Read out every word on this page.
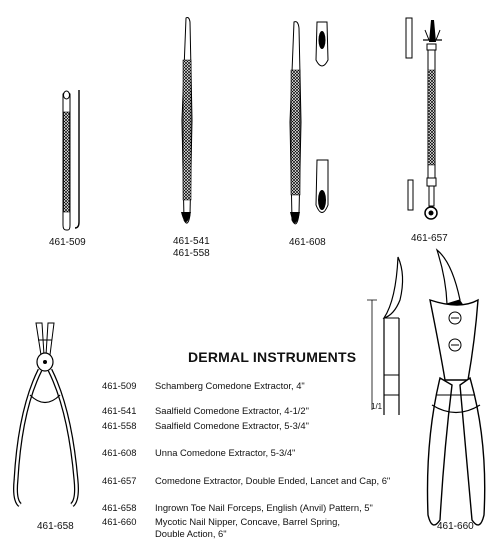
461-509	461-541
461-558
461-608	461-657
461-658	461-660
1/1
DERMAL INSTRUMENTS
461-509 Schamberg Comedone Extractor, 4"
461-541 Saalfield Comedone Extractor, 4-1/2"
461-558 Saalfield Comedone Extractor, 5-3/4"
461-608 Unna Comedone Extractor, 5-3/4"
461-657 Comedone Extractor, Double Ended, Lancet and Cap, 6"
461-658 Ingrown Toe Nail Forceps, English (Anvil) Pattern, 5"
461-660 Mycotic Nail Nipper, Concave, Barrel Spring,
Double Action, 6"
